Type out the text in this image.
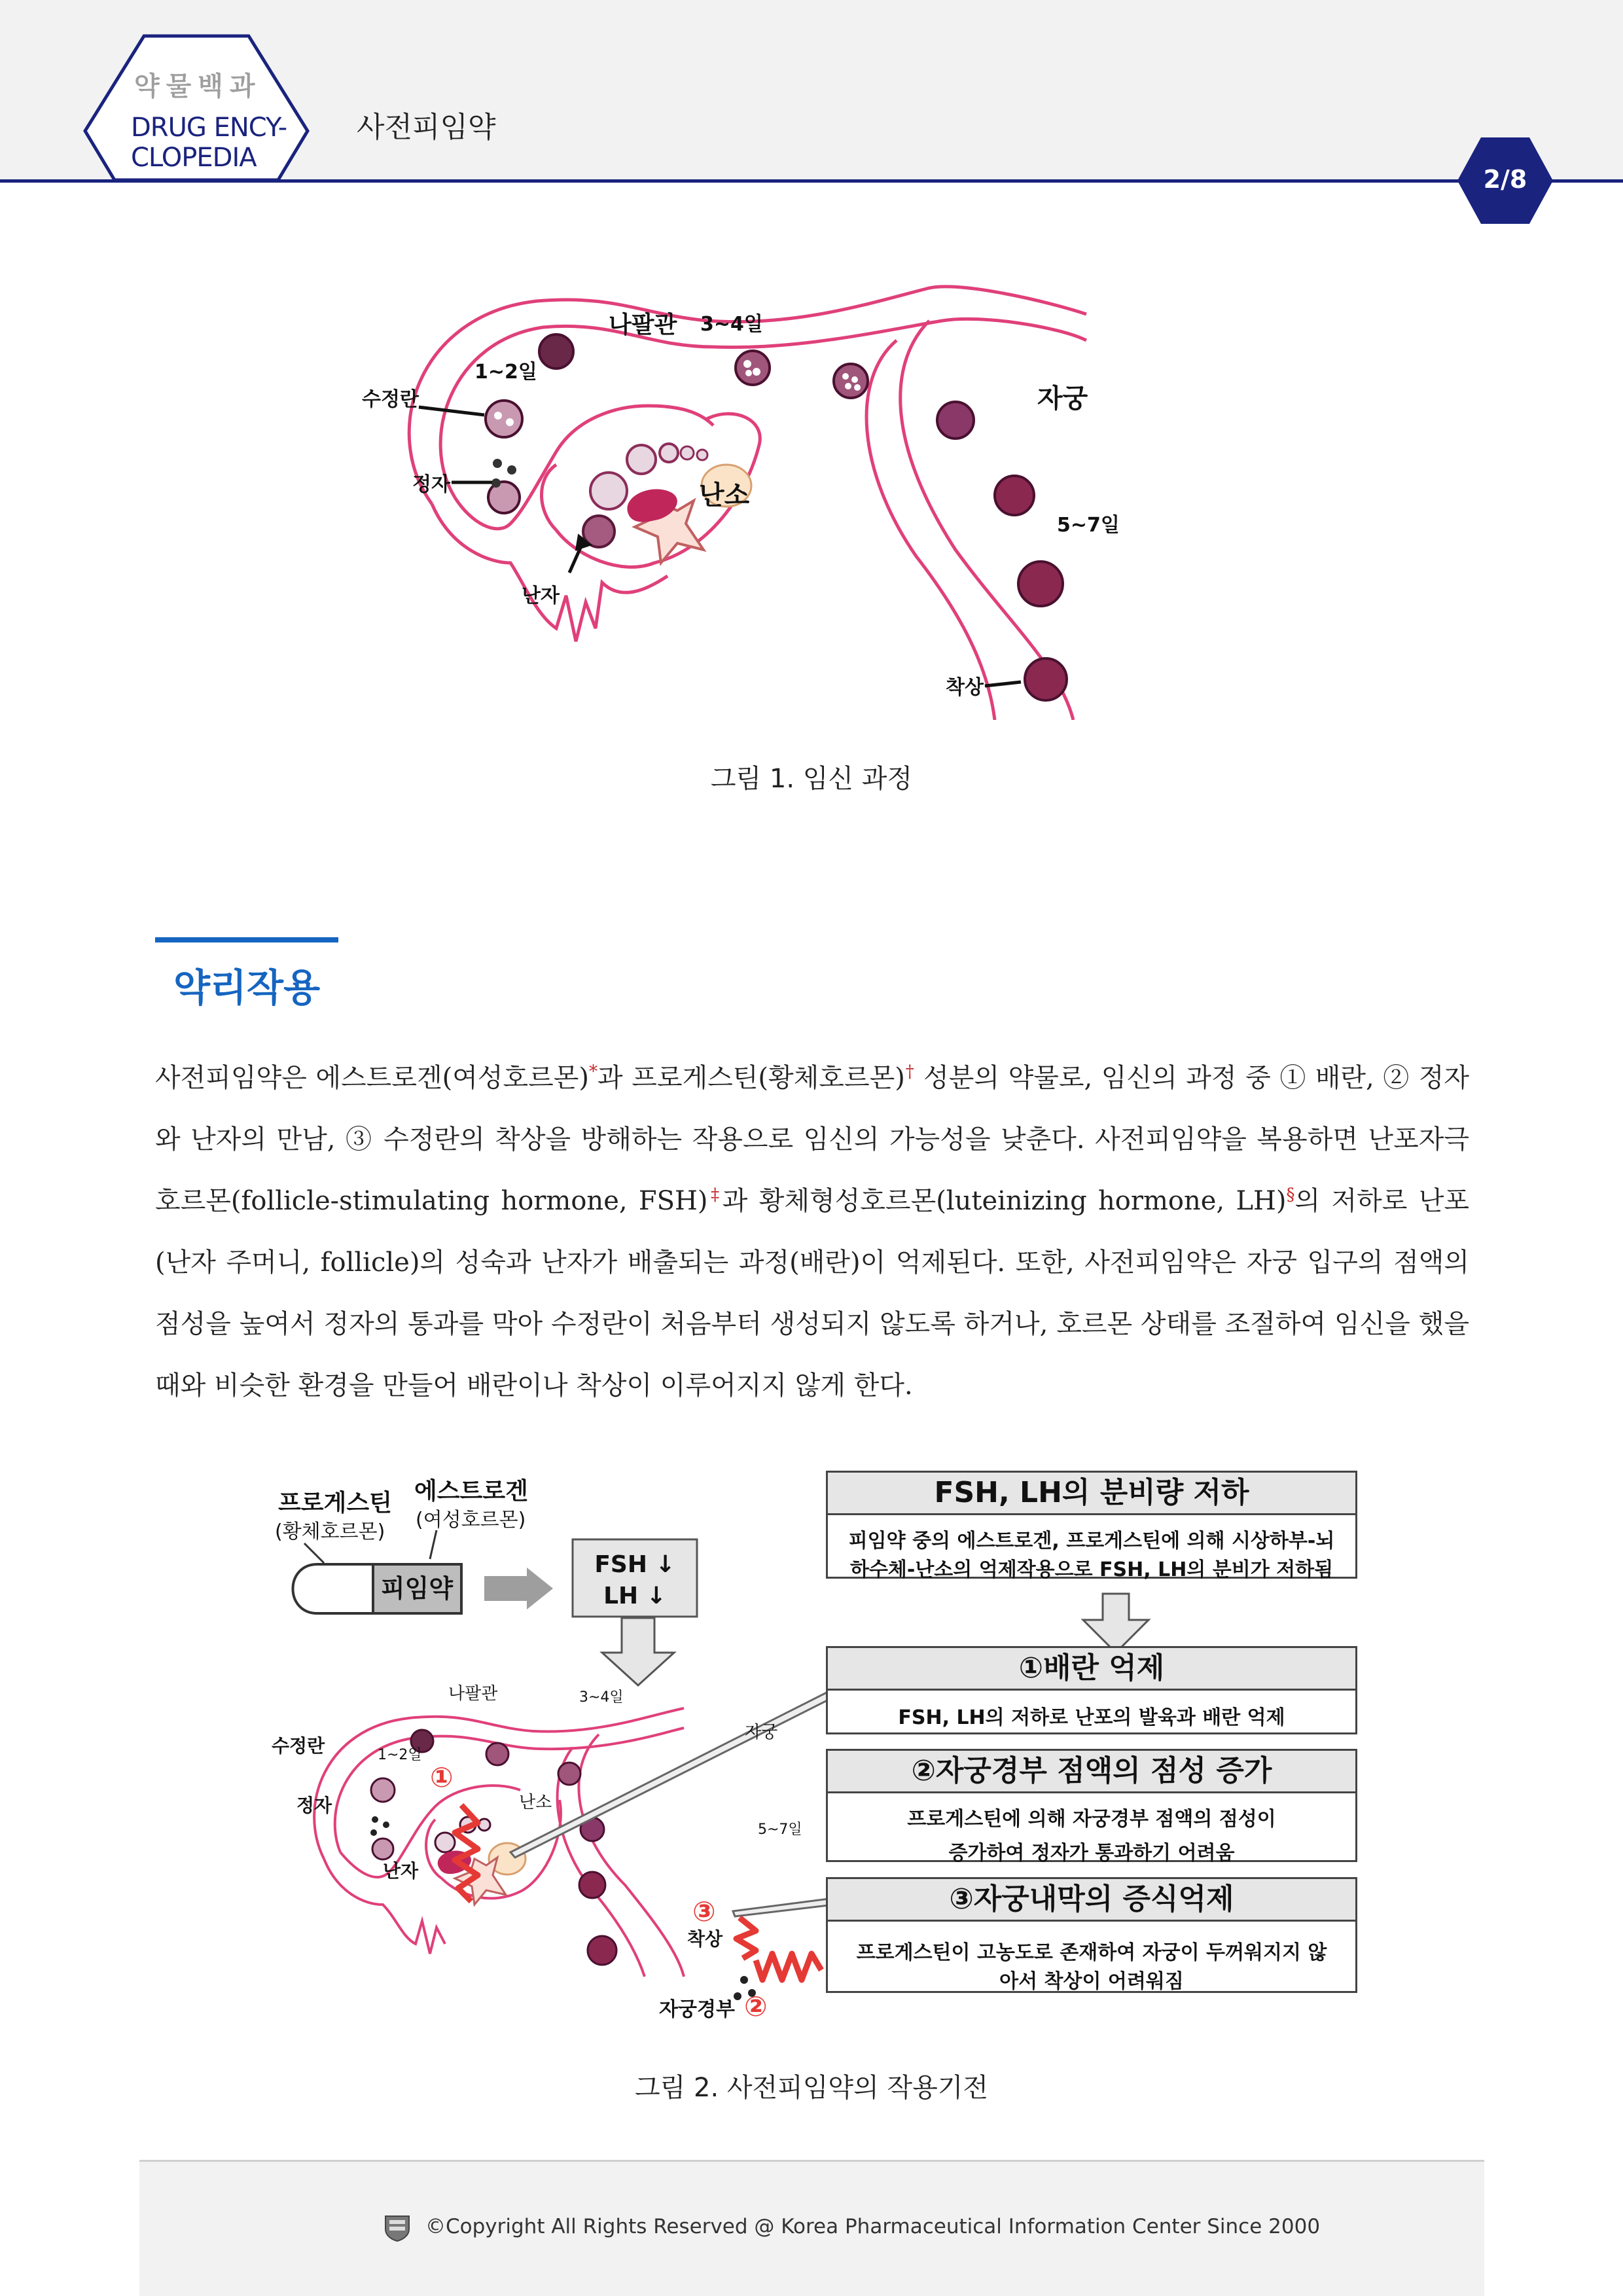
약물백과
DRUG ENCY-
CLOPEDIA
사전피임약
2/8
나팔관
1~2일
수정란
정자
3~4일
자궁
난소
5~7일
난자
착상
그림 1. 임신 과정
약리작용
사전피임약은 에스트로겐(여성호르몬)*과 프로게스틴(황체호르몬)† 성분의 약물로, 임신의 과정 중 ① 배란, ② 정자와 난자의 만남, ③ 수정란의 착상을 방해하는 작용으로 임신의 가능성을 낮춘다. 사전피임약을 복용하면 난포자극호르몬(follicle-stimulating hormone, FSH)‡과 황체형성호르몬(luteinizing hormone, LH)§의 저하로 난포(난자 주머니, follicle)의 성숙과 난자가 배출되는 과정(배란)이 억제된다. 또한, 사전피임약은 자궁 입구의 점액의 점성을 높여서 정자의 통과를 막아 수정란이 처음부터 생성되지 않도록 하거나, 호르몬 상태를 조절하여 임신을 했을 때와 비슷한 환경을 만들어 배란이나 착상이 이루어지지 않게 한다.
프로게스틴
(황체호르몬)
에스트로겐
(여성호르몬)
피임약
FSH ↓
LH ↓
나팔관	3~4일
1~2일
수정란
정자	난소
자궁
5~7일
난자
착상
자궁경부
①
③
②
FSH, LH의 분비량 저하
피임약 중의 에스트로겐, 프로게스틴에 의해 시상하부-뇌
하수체-난소의 억제작용으로 FSH, LH의 분비가 저하됨
①배란 억제
FSH, LH의 저하로 난포의 발육과 배란 억제
②자궁경부 점액의 점성 증가
프로게스틴에 의해 자궁경부 점액의 점성이
증가하여 정자가 통과하기 어려움
③자궁내막의 증식억제
프로게스틴이 고농도로 존재하여 자궁이 두꺼워지지 않
아서 착상이 어려워짐
그림 2. 사전피임약의 작용기전
©Copyright All Rights Reserved @ Korea Pharmaceutical Information Center Since 2000
